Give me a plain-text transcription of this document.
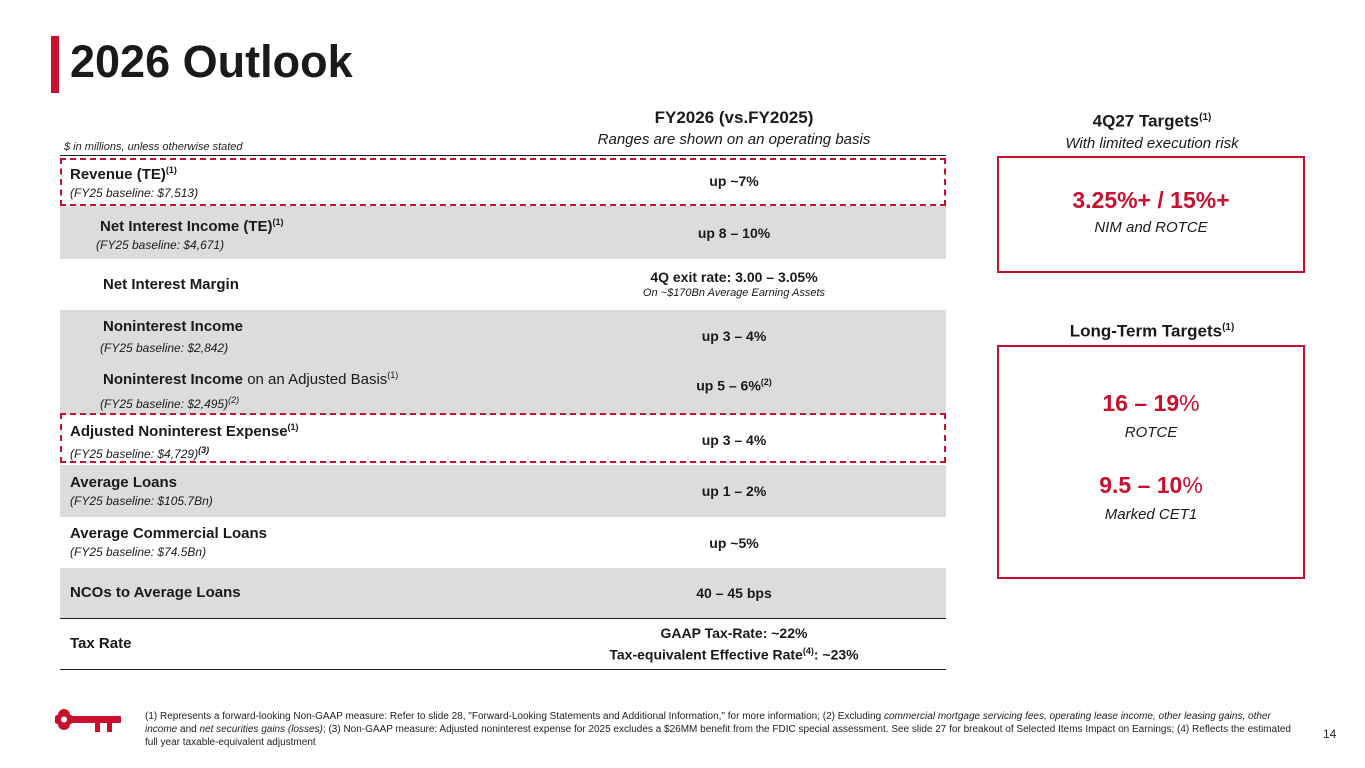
2026 Outlook
FY2026 (vs.FY2025)
Ranges are shown on an operating basis
$ in millions, unless otherwise stated
4Q27 Targets$^{(1)}$
With limited execution risk
Revenue (TE)$^{(1)}$
(FY25 baseline: $7,513)
up ~7%
Net Interest Income (TE)$^{(1)}$
(FY25 baseline: $4,671)
up 8 – 10%
Net Interest Margin	4Q exit rate: 3.00 – 3.05%
On ~$170Bn Average Earning Assets
Noninterest Income
(FY25 baseline: $2,842)
up 3 – 4%
Noninterest Income on an Adjusted Basis$^{(1)}$
(FY25 baseline: $2,495)$^{(2)}$
up 5 – 6%$^{(2)}$
Adjusted Noninterest Expense$^{(1)}$
(FY25 baseline: $4,729)$^{(3)}$
up 3 – 4%
Average Loans
(FY25 baseline: $105.7Bn)
up 1 – 2%
Average Commercial Loans
(FY25 baseline: $74.5Bn)
up ~5%
NCOs to Average Loans	40 – 45 bps
Tax Rate
GAAP Tax-Rate: ~22%
Tax-equivalent Effective Rate$^{(4)}$: ~23%
3.25%+ / 15%+
NIM and ROTCE
Long-Term Targets$^{(1)}$
16 – 19%
ROTCE
9.5 – 10%
Marked CET1
(1) Represents a forward-looking Non-GAAP measure: Refer to slide 28, "Forward-Looking Statements and Additional Information," for more information; (2) Excluding commercial mortgage servicing fees, operating lease income, other leasing gains, other income and net securities gains (losses); (3) Non-GAAP measure: Adjusted noninterest expense for 2025 excludes a $26MM benefit from the FDIC special assessment. See slide 27 for breakout of Selected Items Impact on Earnings; (4) Reflects the estimated full year taxable-equivalent adjustment
14
